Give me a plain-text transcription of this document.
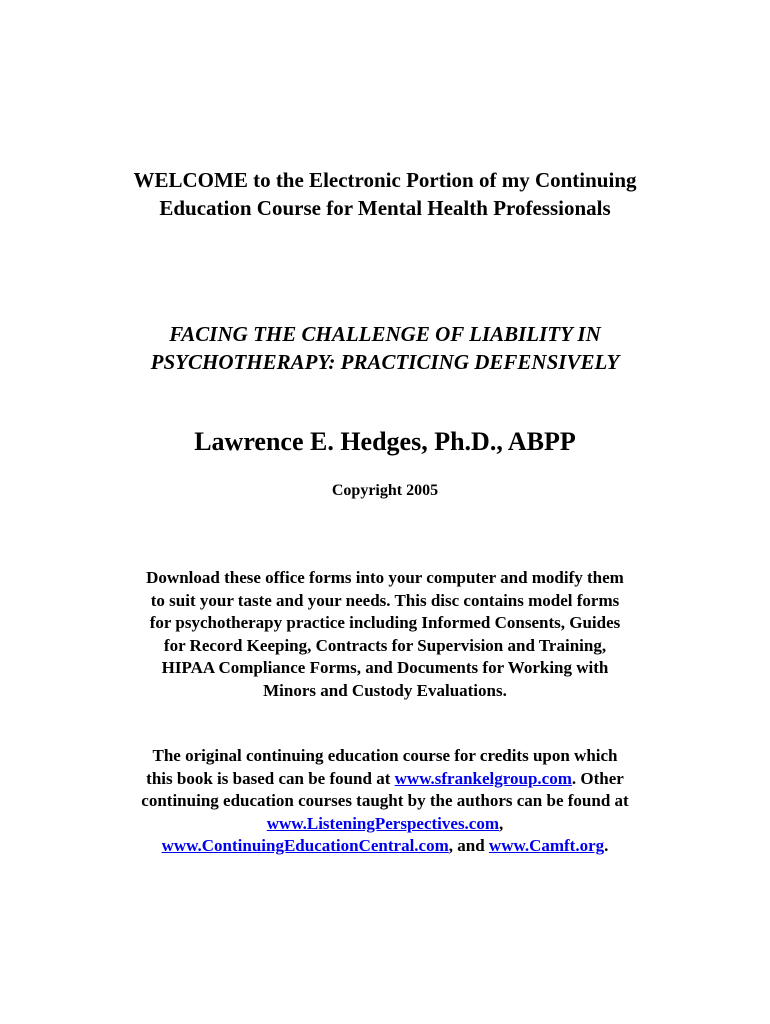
WELCOME to the Electronic Portion of my Continuing
Education Course for Mental Health Professionals
FACING THE CHALLENGE OF LIABILITY IN
PSYCHOTHERAPY: PRACTICING DEFENSIVELY
Lawrence E. Hedges, Ph.D., ABPP
Copyright 2005
Download these office forms into your computer and modify them
to suit your taste and your needs. This disc contains model forms
for psychotherapy practice including Informed Consents, Guides
for Record Keeping, Contracts for Supervision and Training,
HIPAA Compliance Forms, and Documents for Working with
Minors and Custody Evaluations.
The original continuing education course for credits upon which
this book is based can be found at www.sfrankelgroup.com. Other
continuing education courses taught by the authors can be found at
www.ListeningPerspectives.com,
www.ContinuingEducationCentral.com, and www.Camft.org.
